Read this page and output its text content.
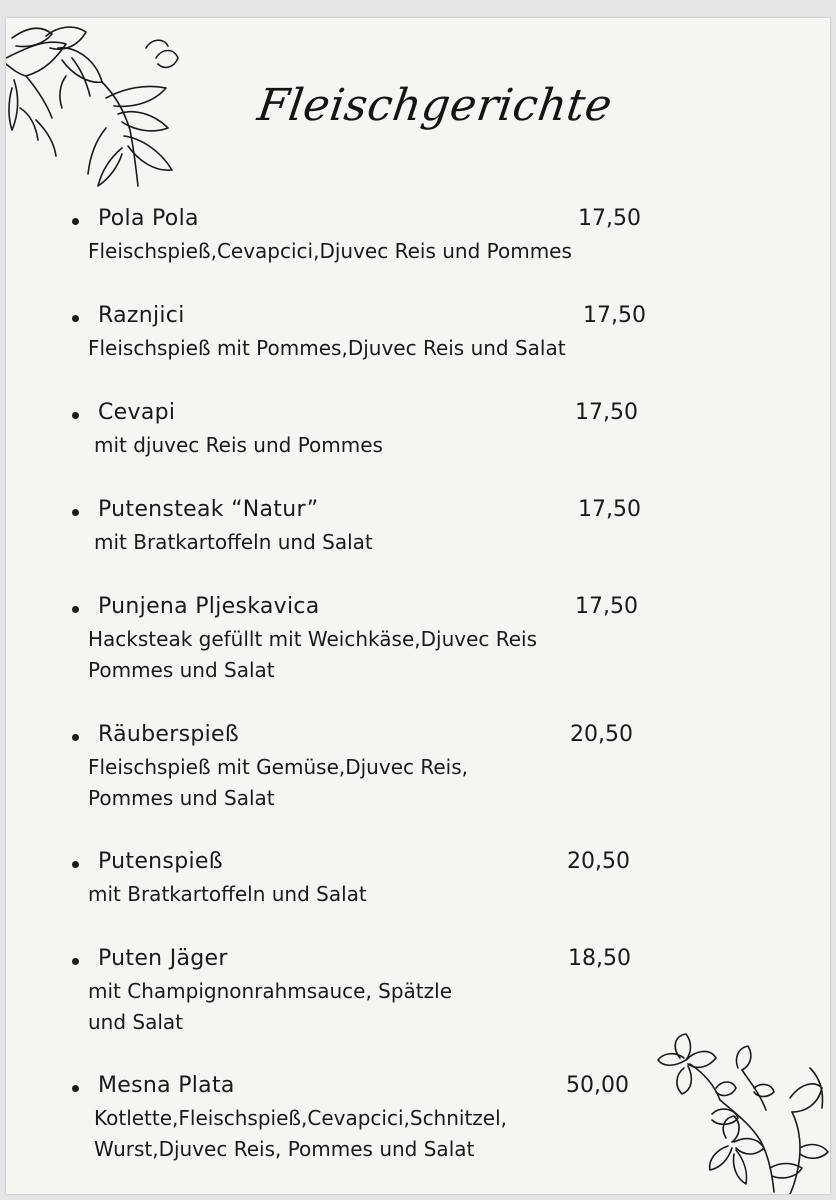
Fleischgerichte
Pola Pola	17,50
Fleischspieß,Cevapcici,Djuvec Reis und Pommes
Raznjici	17,50
Fleischspieß mit Pommes,Djuvec Reis und Salat
Cevapi	17,50
mit djuvec Reis und Pommes
Putensteak “Natur”	17,50
mit Bratkartoffeln und Salat
Punjena Pljeskavica	17,50
Hacksteak gefüllt mit Weichkäse,Djuvec Reis
Pommes und Salat
Räuberspieß	20,50
Fleischspieß mit Gemüse,Djuvec Reis,
Pommes und Salat
Putenspieß	20,50
mit Bratkartoffeln und Salat
Puten Jäger	18,50
mit Champignonrahmsauce, Spätzle
und Salat
Mesna Plata	50,00
Kotlette,Fleischspieß,Cevapcici,Schnitzel,
Wurst,Djuvec Reis, Pommes und Salat
